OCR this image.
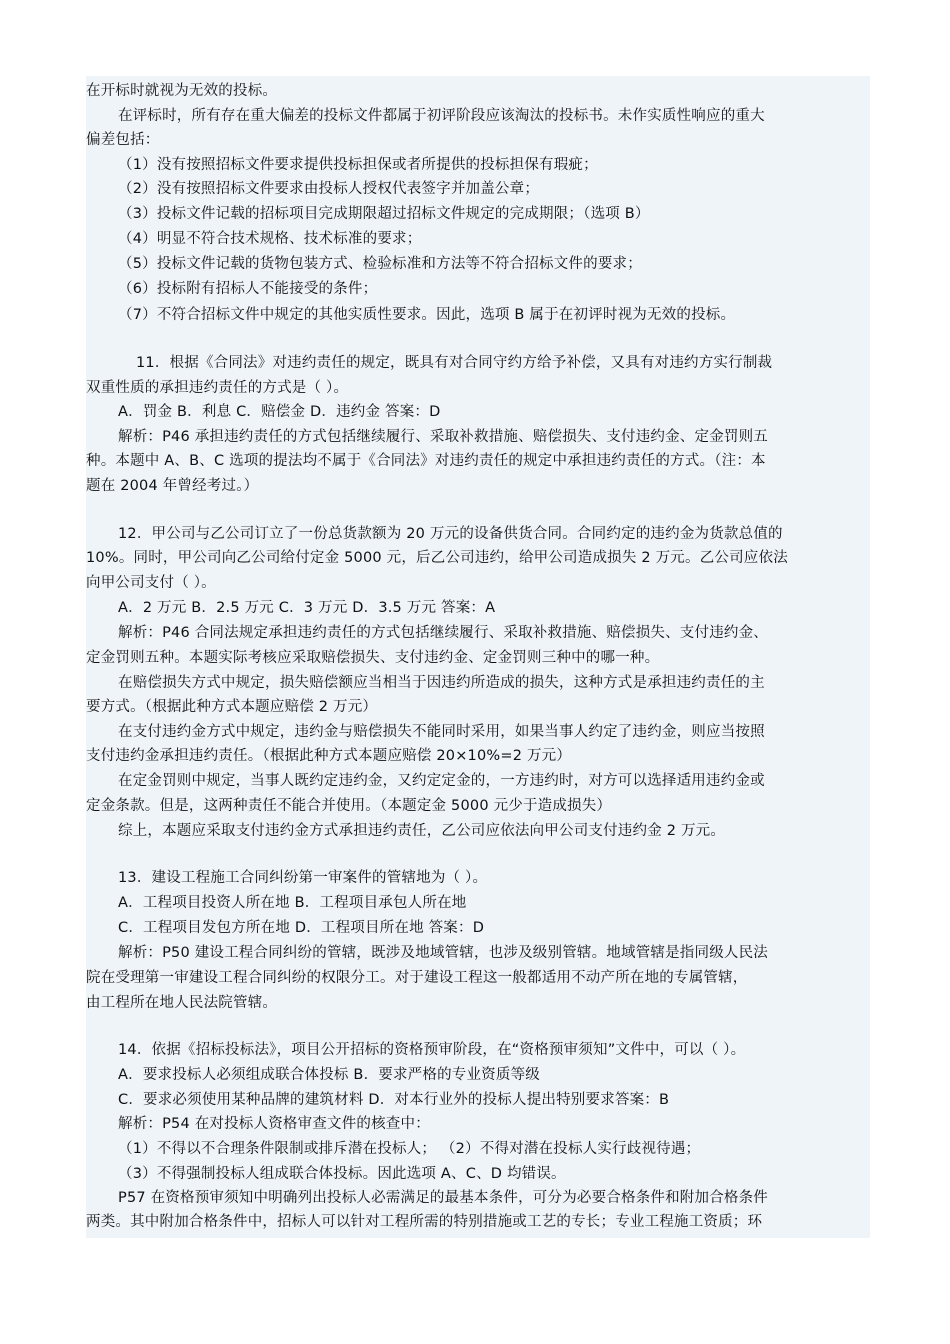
在开标时就视为无效的投标。
在评标时，所有存在重大偏差的投标文件都属于初评阶段应该淘汰的投标书。未作实质性响应的重大
偏差包括：
（1）没有按照招标文件要求提供投标担保或者所提供的投标担保有瑕疵；
（2）没有按照招标文件要求由投标人授权代表签字并加盖公章；
（3）投标文件记载的招标项目完成期限超过招标文件规定的完成期限；（选项 B）
（4）明显不符合技术规格、技术标准的要求；
（5）投标文件记载的货物包装方式、检验标准和方法等不符合招标文件的要求；
（6）投标附有招标人不能接受的条件；
（7）不符合招标文件中规定的其他实质性要求。因此，选项 B 属于在初评时视为无效的投标。
11．根据《合同法》对违约责任的规定，既具有对合同守约方给予补偿，又具有对违约方实行制裁
双重性质的承担违约责任的方式是（ ）。
A．罚金 B．利息 C．赔偿金 D．违约金 答案：D
解析：P46 承担违约责任的方式包括继续履行、采取补救措施、赔偿损失、支付违约金、定金罚则五
种。本题中 A、B、C 选项的提法均不属于《合同法》对违约责任的规定中承担违约责任的方式。（注：本
题在 2004 年曾经考过。）
12．甲公司与乙公司订立了一份总货款额为 20 万元的设备供货合同。合同约定的违约金为货款总值的
10%。同时，甲公司向乙公司给付定金 5000 元，后乙公司违约，给甲公司造成损失 2 万元。乙公司应依法
向甲公司支付（ ）。
A．2 万元 B．2.5 万元 C．3 万元 D．3.5 万元 答案：A
解析：P46 合同法规定承担违约责任的方式包括继续履行、采取补救措施、赔偿损失、支付违约金、
定金罚则五种。本题实际考核应采取赔偿损失、支付违约金、定金罚则三种中的哪一种。
在赔偿损失方式中规定，损失赔偿额应当相当于因违约所造成的损失，这种方式是承担违约责任的主
要方式。（根据此种方式本题应赔偿 2 万元）
在支付违约金方式中规定，违约金与赔偿损失不能同时采用，如果当事人约定了违约金，则应当按照
支付违约金承担违约责任。（根据此种方式本题应赔偿 20×10%=2 万元）
在定金罚则中规定，当事人既约定违约金，又约定定金的，一方违约时，对方可以选择适用违约金或
定金条款。但是，这两种责任不能合并使用。（本题定金 5000 元少于造成损失）
综上，本题应采取支付违约金方式承担违约责任，乙公司应依法向甲公司支付违约金 2 万元。
13．建设工程施工合同纠纷第一审案件的管辖地为（ ）。
A．工程项目投资人所在地 B．工程项目承包人所在地
C．工程项目发包方所在地 D．工程项目所在地 答案：D
解析：P50 建设工程合同纠纷的管辖，既涉及地域管辖，也涉及级别管辖。地域管辖是指同级人民法
院在受理第一审建设工程合同纠纷的权限分工。对于建设工程这一般都适用不动产所在地的专属管辖，
由工程所在地人民法院管辖。
14．依据《招标投标法》，项目公开招标的资格预审阶段，在“资格预审须知”文件中，可以（ ）。
A．要求投标人必须组成联合体投标 B．要求严格的专业资质等级
C．要求必须使用某种品牌的建筑材料 D．对本行业外的投标人提出特别要求答案：B
解析：P54 在对投标人资格审查文件的核查中：
（1）不得以不合理条件限制或排斥潜在投标人； （2）不得对潜在投标人实行歧视待遇；
（3）不得强制投标人组成联合体投标。因此选项 A、C、D 均错误。
P57 在资格预审须知中明确列出投标人必需满足的最基本条件，可分为必要合格条件和附加合格条件
两类。其中附加合格条件中，招标人可以针对工程所需的特别措施或工艺的专长；专业工程施工资质；环
